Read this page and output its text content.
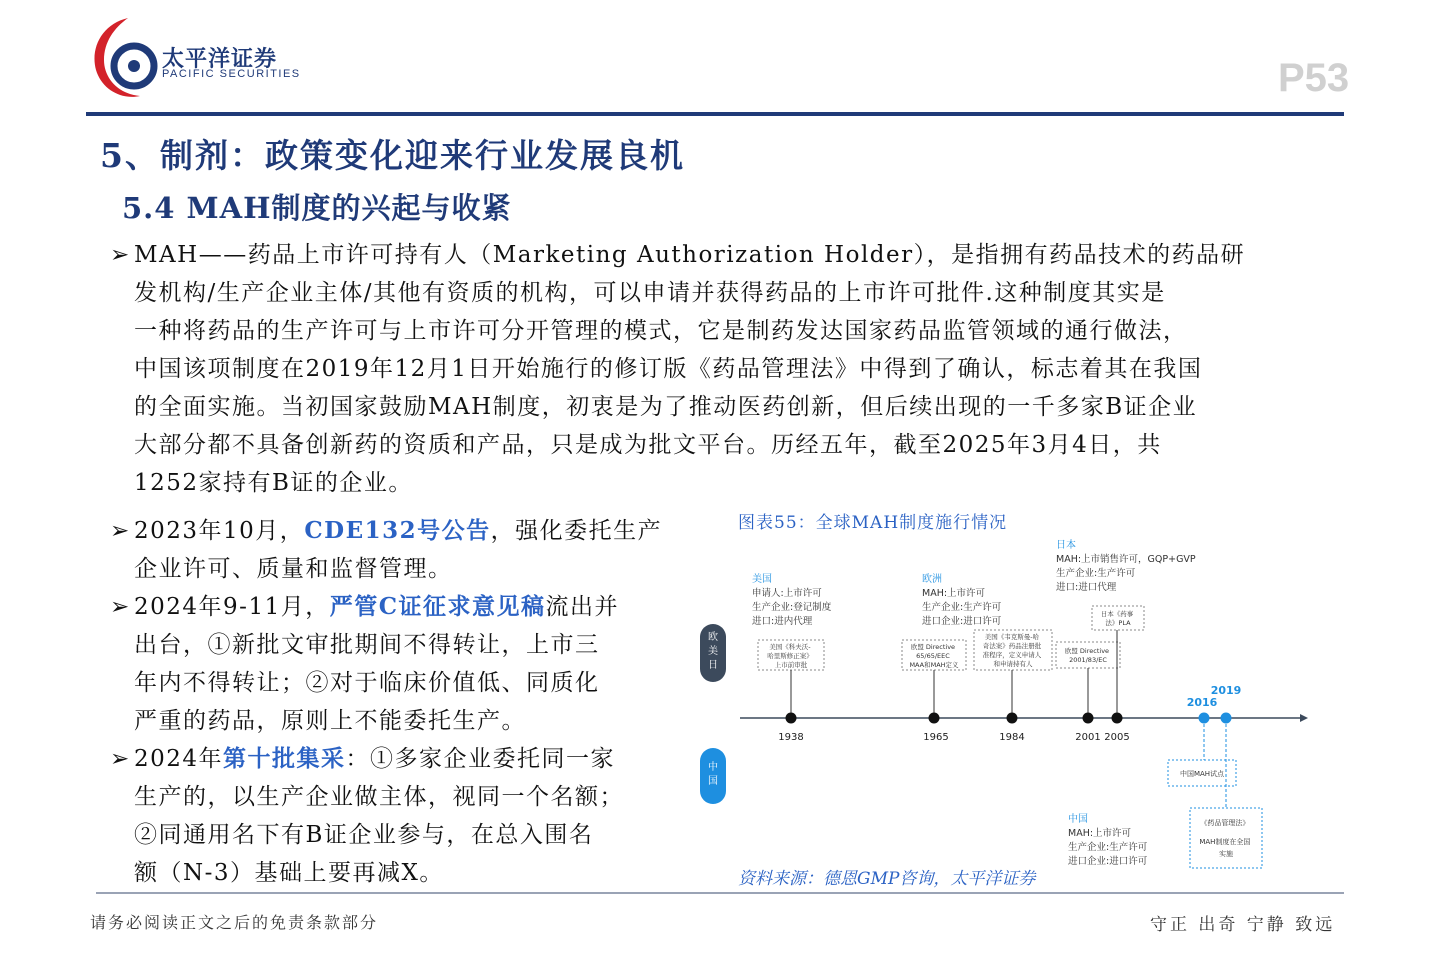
太平洋证券
PACIFIC SECURITIES	P53
5、制剂：政策变化迎来行业发展良机
5.4 MAH制度的兴起与收紧
➢ MAH——药品上市许可持有人（Marketing Authorization Holder），是指拥有药品技术的药品研
发机构/生产企业主体/其他有资质的机构，可以申请并获得药品的上市许可批件.这种制度其实是
一种将药品的生产许可与上市许可分开管理的模式，它是制药发达国家药品监管领域的通行做法，
中国该项制度在2019年12月1日开始施行的修订版《药品管理法》中得到了确认，标志着其在我国
的全面实施。当初国家鼓励MAH制度，初衷是为了推动医药创新，但后续出现的一千多家B证企业
大部分都不具备创新药的资质和产品，只是成为批文平台。历经五年，截至2025年3月4日，共
1252家持有B证的企业。
➢ 2023年10月，CDE132号公告，强化委托生产
企业许可、质量和监督管理。
➢ 2024年9-11月，严管C证征求意见稿流出并
出台，①新批文审批期间不得转让，上市三
年内不得转让；②对于临床价值低、同质化
严重的药品，原则上不能委托生产。
➢ 2024年第十批集采：①多家企业委托同一家
生产的，以生产企业做主体，视同一个名额；
②同通用名下有B证企业参与，在总入围名
额（N-3）基础上要再减X。
图表55：全球MAH制度施行情况
欧美日
中国
美国
申请人:上市许可 生产企业:登记制度 进口:进内代理
美国《科夫沃- 哈里斯修正案》 上市前审批
欧洲
MAH:上市许可 生产企业:生产许可 进口企业:进口许可
欧盟 Directive 65/65/EEC MAA和MAH定义
美国《韦克斯曼-哈 奇法案》药品注册批 准程序，定义申请人 和申请持有人
欧盟 Directive 2001/83/EC
日本
MAH:上市销售许可，GQP+GVP 生产企业:生产许可 进口:进口代理
日本《药事 法》PLA
1938	1965	1984	2001 2005
2016
2019
中国MAH试点
《药品管理法》 MAH制度在全国 实施
中国
MAH:上市许可 生产企业:生产许可 进口企业:进口许可
资料来源：德恩GMP咨询，太平洋证券
请务必阅读正文之后的免责条款部分	守正 出奇 宁静 致远
